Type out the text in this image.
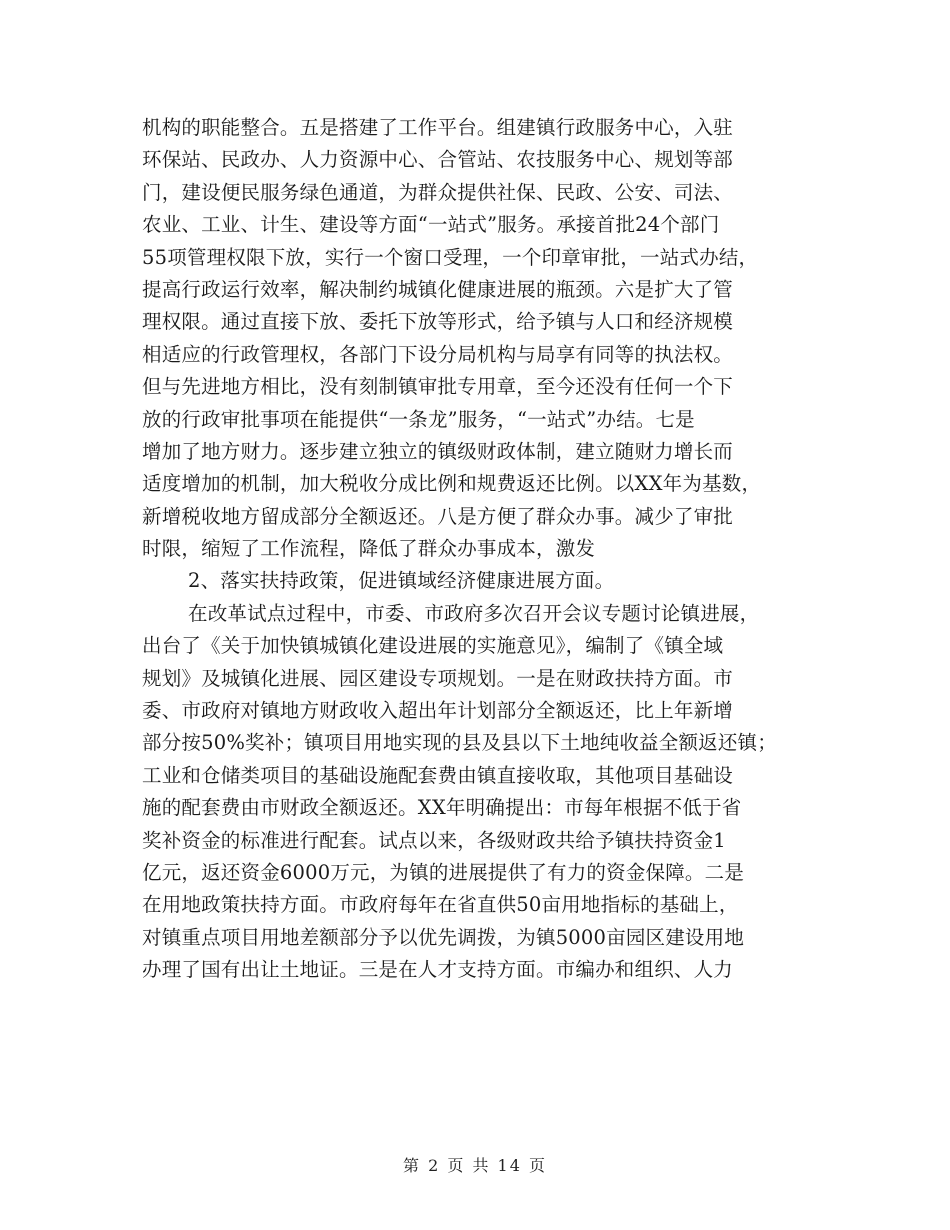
机构的职能整合。五是搭建了工作平台。组建镇行政服务中心，入驻
环保站、民政办、人力资源中心、合管站、农技服务中心、规划等部
门，建设便民服务绿色通道，为群众提供社保、民政、公安、司法、
农业、工业、计生、建设等方面“一站式”服务。承接首批24个部门
55项管理权限下放，实行一个窗口受理，一个印章审批，一站式办结，
提高行政运行效率，解决制约城镇化健康进展的瓶颈。六是扩大了管
理权限。通过直接下放、委托下放等形式，给予镇与人口和经济规模
相适应的行政管理权，各部门下设分局机构与局享有同等的执法权。
但与先进地方相比，没有刻制镇审批专用章，至今还没有任何一个下
放的行政审批事项在能提供“一条龙”服务，“一站式”办结。七是
增加了地方财力。逐步建立独立的镇级财政体制，建立随财力增长而
适度增加的机制，加大税收分成比例和规费返还比例。以XX年为基数，
新增税收地方留成部分全额返还。八是方便了群众办事。减少了审批
时限，缩短了工作流程，降低了群众办事成本，激发
2、落实扶持政策，促进镇域经济健康进展方面。
在改革试点过程中，市委、市政府多次召开会议专题讨论镇进展，
出台了《关于加快镇城镇化建设进展的实施意见》，编制了《镇全域
规划》及城镇化进展、园区建设专项规划。一是在财政扶持方面。市
委、市政府对镇地方财政收入超出年计划部分全额返还，比上年新增
部分按50%奖补；镇项目用地实现的县及县以下土地纯收益全额返还镇；
工业和仓储类项目的基础设施配套费由镇直接收取，其他项目基础设
施的配套费由市财政全额返还。XX年明确提出：市每年根据不低于省
奖补资金的标准进行配套。试点以来，各级财政共给予镇扶持资金1
亿元，返还资金6000万元，为镇的进展提供了有力的资金保障。二是
在用地政策扶持方面。市政府每年在省直供50亩用地指标的基础上，
对镇重点项目用地差额部分予以优先调拨，为镇5000亩园区建设用地
办理了国有出让土地证。三是在人才支持方面。市编办和组织、人力
第 2 页 共 14 页
